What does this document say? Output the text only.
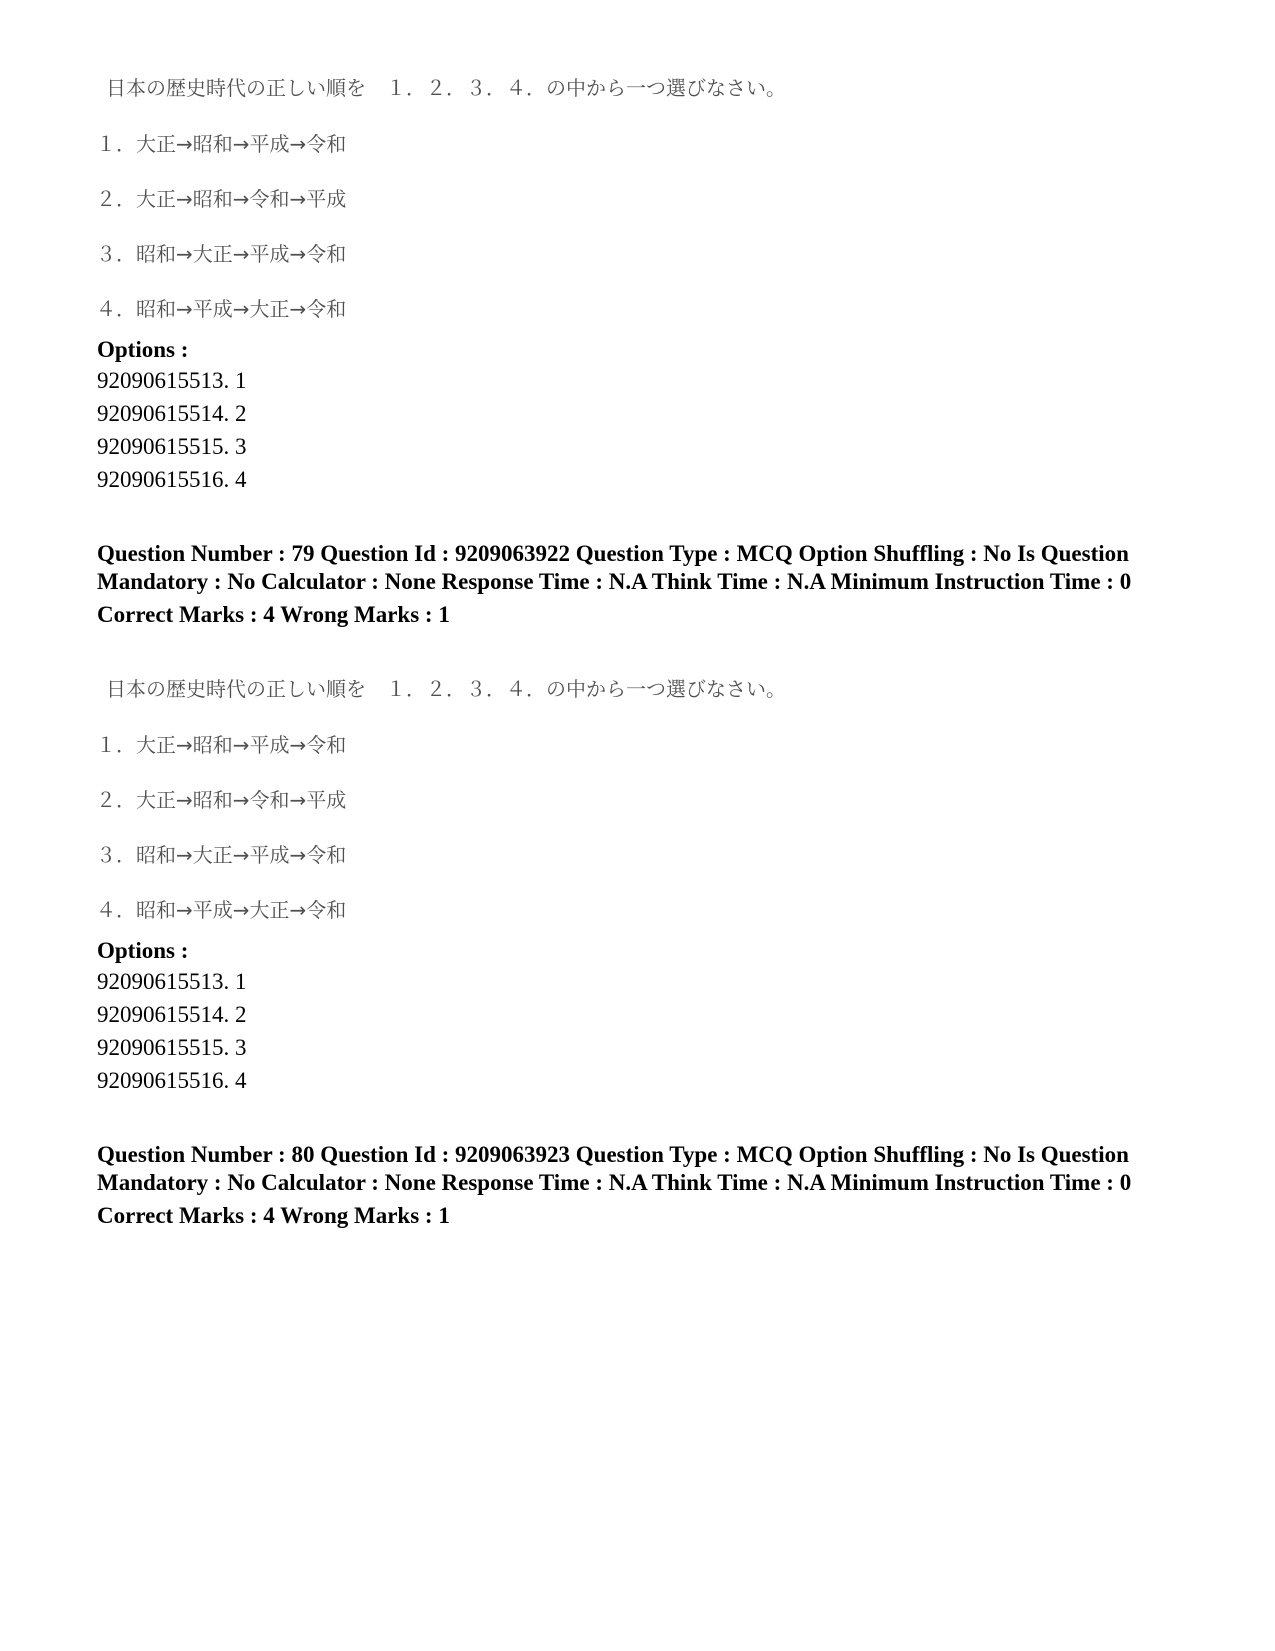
日本の歴史時代の正しい順を　１．２．３．４．の中から一つ選びなさい。
１．大正→昭和→平成→令和
２．大正→昭和→令和→平成
３．昭和→大正→平成→令和
４．昭和→平成→大正→令和
Options :
92090615513. 1
92090615514. 2
92090615515. 3
92090615516. 4
Question Number : 79 Question Id : 9209063922 Question Type : MCQ Option Shuffling : No Is Question Mandatory : No Calculator : None Response Time : N.A Think Time : N.A Minimum Instruction Time : 0
Correct Marks : 4 Wrong Marks : 1
日本の歴史時代の正しい順を　１．２．３．４．の中から一つ選びなさい。
１．大正→昭和→平成→令和
２．大正→昭和→令和→平成
３．昭和→大正→平成→令和
４．昭和→平成→大正→令和
Options :
92090615513. 1
92090615514. 2
92090615515. 3
92090615516. 4
Question Number : 80 Question Id : 9209063923 Question Type : MCQ Option Shuffling : No Is Question Mandatory : No Calculator : None Response Time : N.A Think Time : N.A Minimum Instruction Time : 0
Correct Marks : 4 Wrong Marks : 1
